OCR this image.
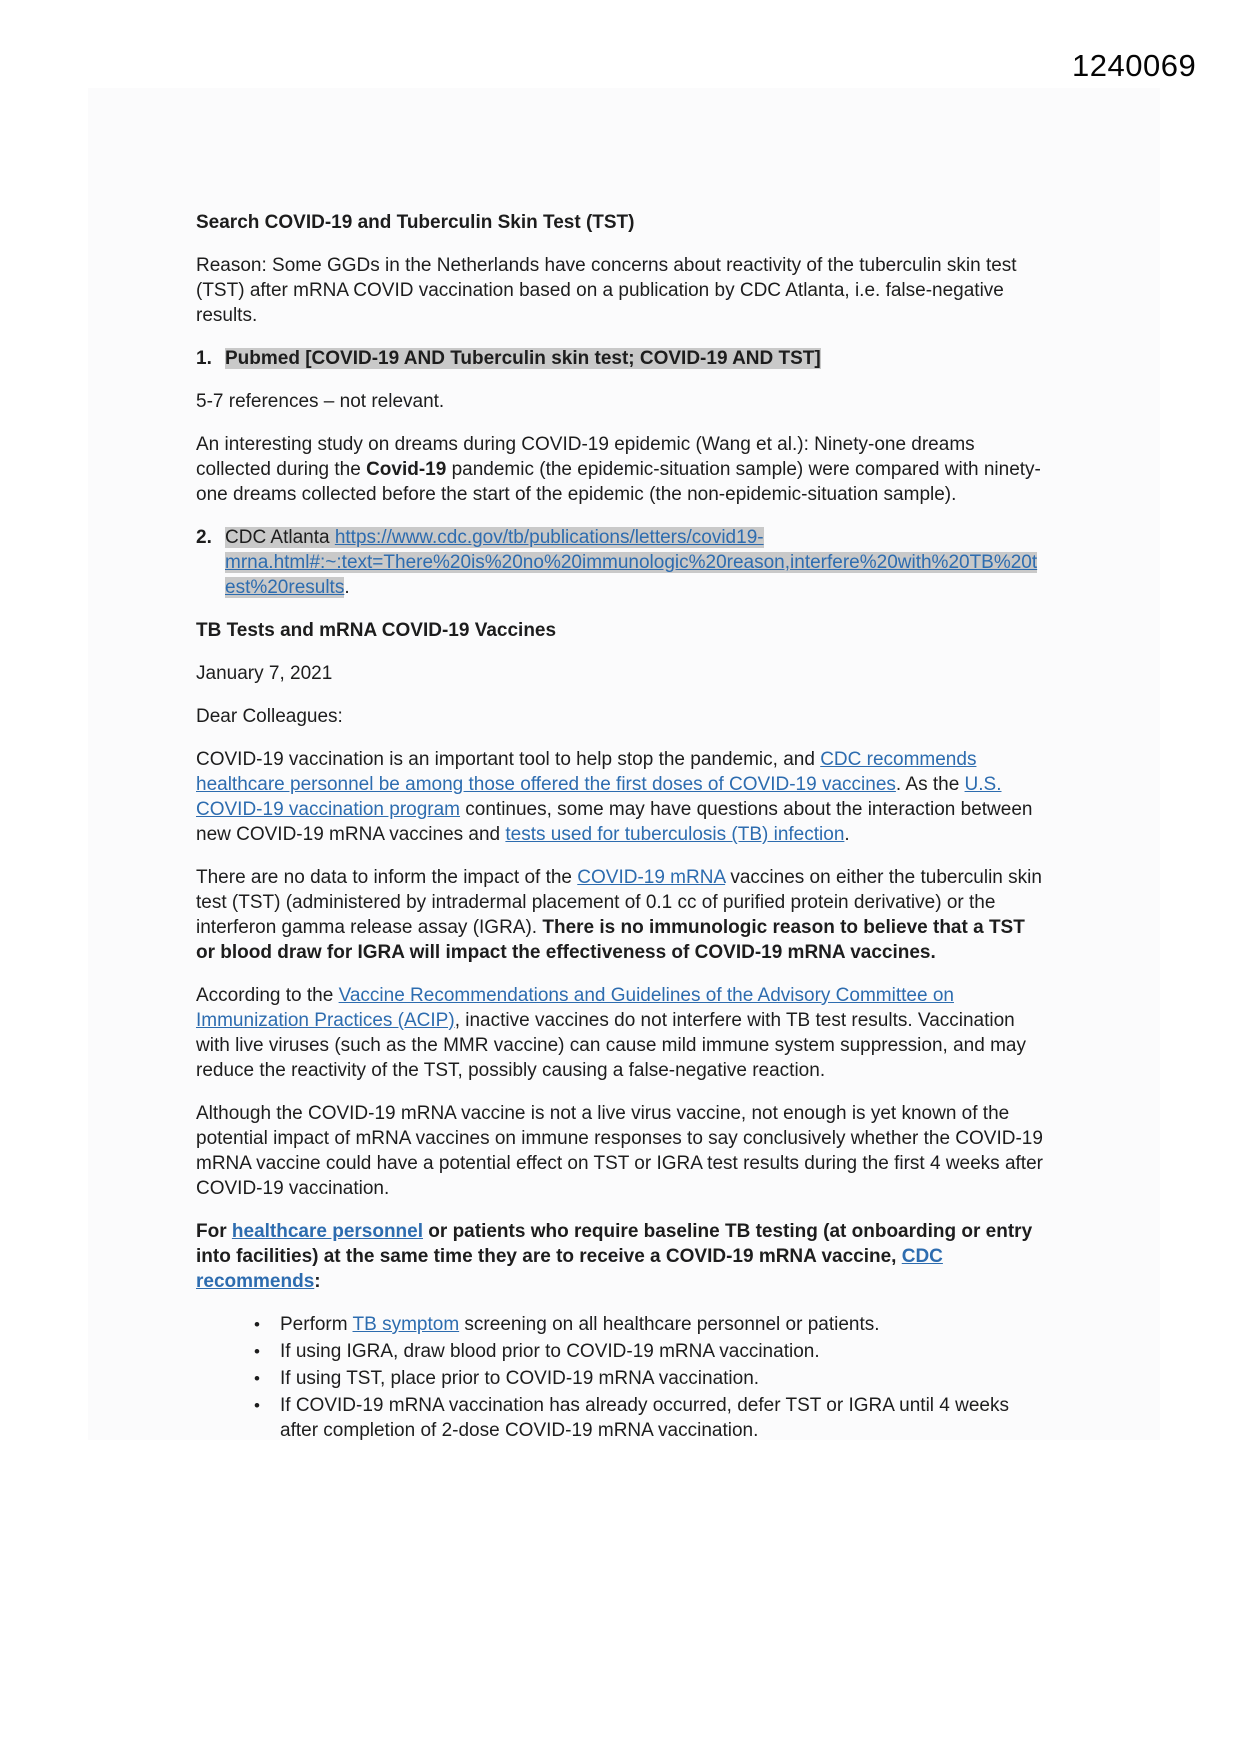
1240069
Search COVID-19 and Tuberculin Skin Test (TST)
Reason: Some GGDs in the Netherlands have concerns about reactivity of the tuberculin skin test (TST) after mRNA COVID vaccination based on a publication by CDC Atlanta, i.e. false-negative results.
1. Pubmed [COVID-19 AND Tuberculin skin test; COVID-19 AND TST]
5-7 references – not relevant.
An interesting study on dreams during COVID-19 epidemic (Wang et al.): Ninety-one dreams collected during the Covid-19 pandemic (the epidemic-situation sample) were compared with ninety-one dreams collected before the start of the epidemic (the non-epidemic-situation sample).
2. CDC Atlanta https://www.cdc.gov/tb/publications/letters/covid19-
mrna.html#:~:text=There%20is%20no%20immunologic%20reason,interfere%20with%20TB%20t
est%20results.
TB Tests and mRNA COVID-19 Vaccines
January 7, 2021
Dear Colleagues:
COVID-19 vaccination is an important tool to help stop the pandemic, and CDC recommends healthcare personnel be among those offered the first doses of COVID-19 vaccines. As the U.S. COVID-19 vaccination program continues, some may have questions about the interaction between new COVID-19 mRNA vaccines and tests used for tuberculosis (TB) infection.
There are no data to inform the impact of the COVID-19 mRNA vaccines on either the tuberculin skin test (TST) (administered by intradermal placement of 0.1 cc of purified protein derivative) or the interferon gamma release assay (IGRA). There is no immunologic reason to believe that a TST or blood draw for IGRA will impact the effectiveness of COVID-19 mRNA vaccines.
According to the Vaccine Recommendations and Guidelines of the Advisory Committee on Immunization Practices (ACIP), inactive vaccines do not interfere with TB test results. Vaccination with live viruses (such as the MMR vaccine) can cause mild immune system suppression, and may reduce the reactivity of the TST, possibly causing a false-negative reaction.
Although the COVID-19 mRNA vaccine is not a live virus vaccine, not enough is yet known of the potential impact of mRNA vaccines on immune responses to say conclusively whether the COVID-19 mRNA vaccine could have a potential effect on TST or IGRA test results during the first 4 weeks after COVID-19 vaccination.
For healthcare personnel or patients who require baseline TB testing (at onboarding or entry into facilities) at the same time they are to receive a COVID-19 mRNA vaccine, CDC recommends:
•	Perform TB symptom screening on all healthcare personnel or patients.
•	If using IGRA, draw blood prior to COVID-19 mRNA vaccination.
•	If using TST, place prior to COVID-19 mRNA vaccination.
•	If COVID-19 mRNA vaccination has already occurred, defer TST or IGRA until 4 weeks after completion of 2-dose COVID-19 mRNA vaccination.
